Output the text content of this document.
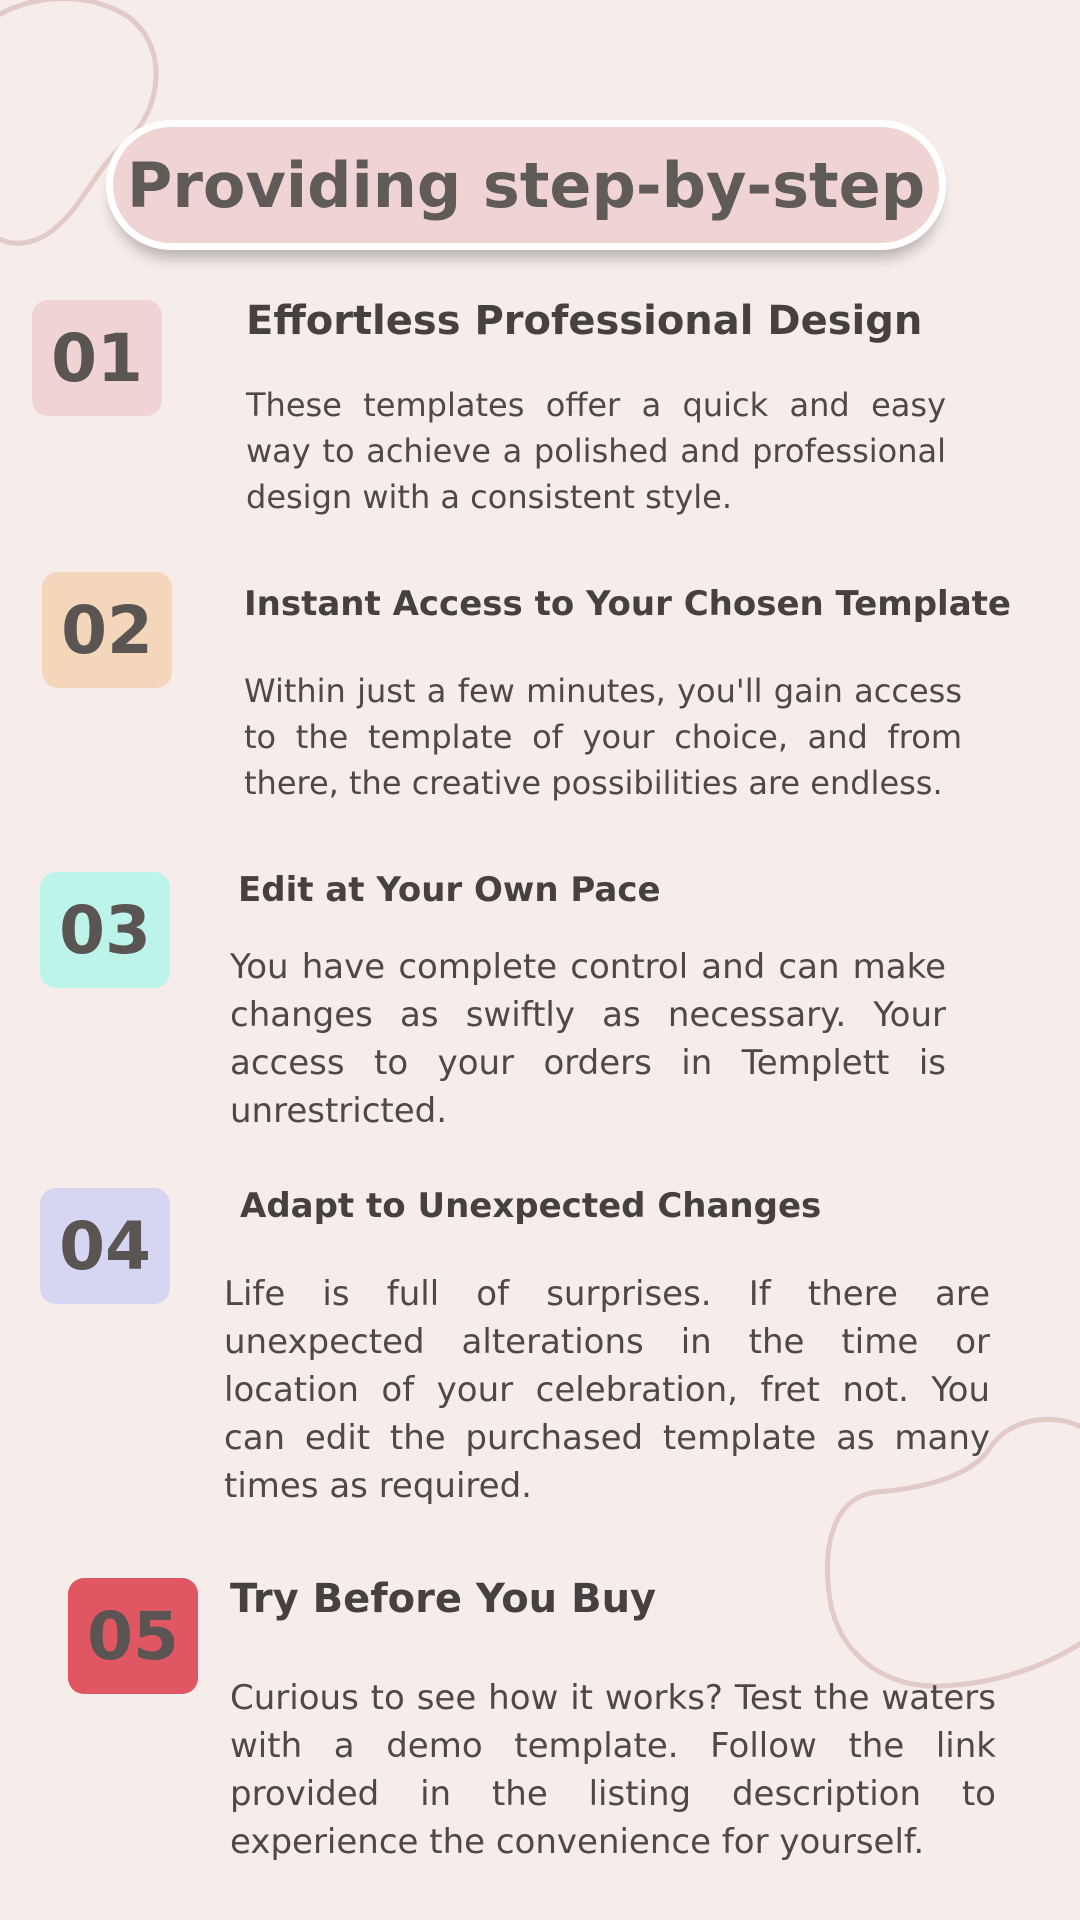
Providing step-by-step
01	Effortless Professional Design

These templates offer a quick and easy way to achieve a polished and professional design with a consistent style.

02	Instant Access to Your Chosen Template

Within just a few minutes, you'll gain access to the template of your choice, and from there, the creative possibilities are endless.

03
Edit at Your Own Pace

You have complete control and can make changes as swiftly as necessary. Your access to your orders in Templett is unrestricted.

04
Adapt to Unexpected Changes

Life is full of surprises. If there are unexpected alterations in the time or location of your celebration, fret not. You can edit the purchased template as many times as required.

05 Try Before You Buy

Curious to see how it works? Test the waters with a demo template. Follow the link provided in the listing description to experience the convenience for yourself.
